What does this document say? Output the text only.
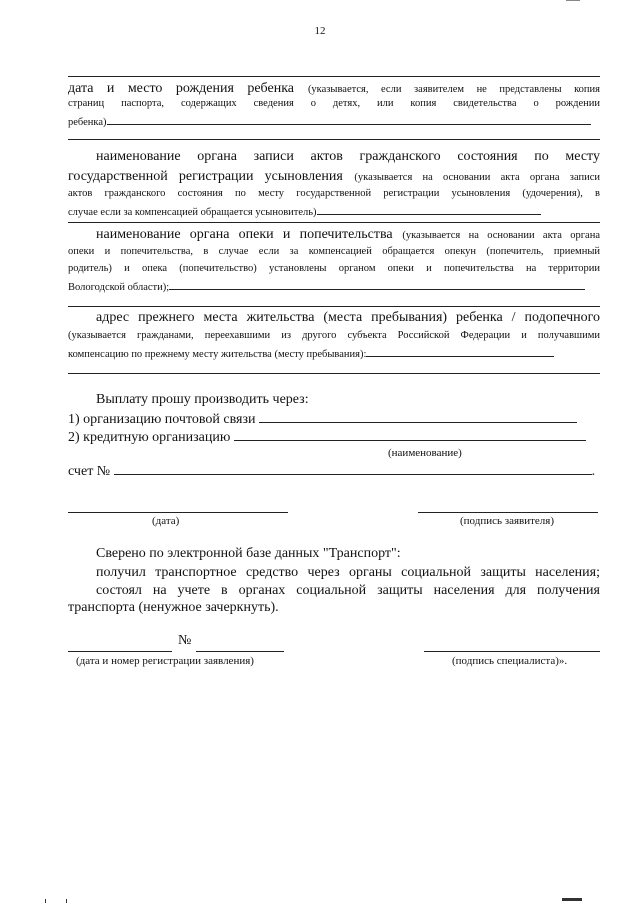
12

дата и место рождения ребенка (указывается, если заявителем не представлены копия

страниц паспорта, содержащих сведения о детях, или копия свидетельства о рождении

ребенка)

наименование органа записи актов гражданского состояния по месту

государственной регистрации усыновления (указывается на основании акта органа записи

актов гражданского состояния по месту государственной регистрации усыновления (удочерения), в

случае если за компенсацией обращается усыновитель)

наименование органа опеки и попечительства (указывается на основании акта органа

опеки и попечительства, в случае если за компенсацией обращается опекун (попечитель, приемный

родитель) и опека (попечительство) установлены органом опеки и попечительства на территории

Вологодской области);

адрес прежнего места жительства (места пребывания) ребенка / подопечного

(указывается гражданами, переехавшими из другого субъекта Российской Федерации и получавшими

компенсацию по прежнему месту жительства (месту пребывания):

Выплату прошу производить через:

1) организацию почтовой связи

2) кредитную организацию

(наименование)

счет №	.

(дата)	(подпись заявителя)

Сверено по электронной базе данных "Транспорт":

получил транспортное средство через органы социальной защиты населения;

состоял на учете в органах социальной защиты населения для получения

транспорта (ненужное зачеркнуть).

№
(дата и номер регистрации заявления)	(подпись специалиста)».
